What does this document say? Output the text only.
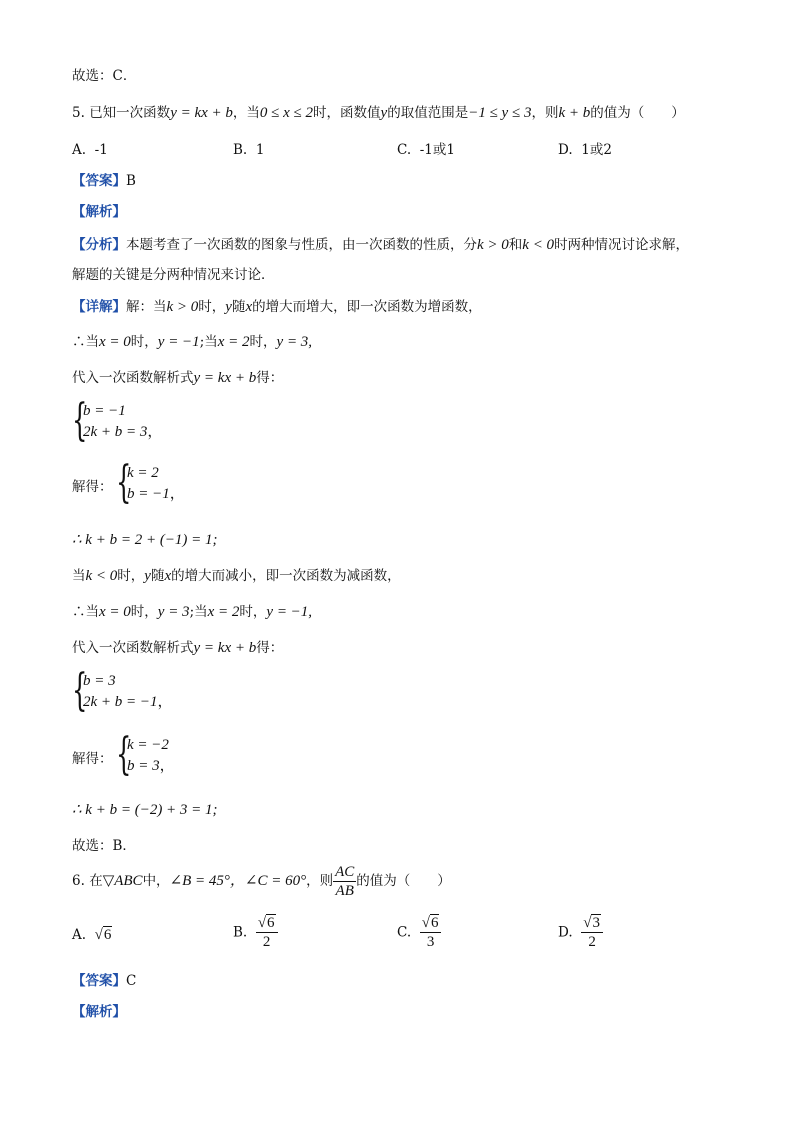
故选：C．
5. 已知一次函数y = kx + b，当0 ≤ x ≤ 2时，函数值y的取值范围是−1 ≤ y ≤ 3，则k + b的值为（　　）
A. -1	B. 1	C. -1或1	D. 1或2
【答案】B
【解析】
【分析】本题考查了一次函数的图象与性质，由一次函数的性质，分k > 0和k < 0时两种情况讨论求解，
解题的关键是分两种情况来讨论．
【详解】解：当k > 0时，y随x的增大而增大，即一次函数为增函数，
∴当x = 0时，y = −1;当x = 2时，y = 3,
代入一次函数解析式y = kx + b得：
{
b = −1
2k + b = 3，
解得： {
k = 2
b = −1，
∴ k + b = 2 + (−1) = 1;
当k < 0时，y随x的增大而减小，即一次函数为减函数，
∴当x = 0时，y = 3;当x = 2时，y = −1,
代入一次函数解析式y = kx + b得：
{
b = 3
2k + b = −1，
解得： {
k = −2
b = 3，
∴ k + b = (−2) + 3 = 1;
故选：B．
6. 在▽ABC中，∠B = 45°，∠C = 60°，则 $\frac{AC}{AB}$ 的值为（　　）
A. √6	B. $\frac{√6}{2}$	C. $\frac{√6}{3}$	D. $\frac{√3}{2}$
【答案】C
【解析】
